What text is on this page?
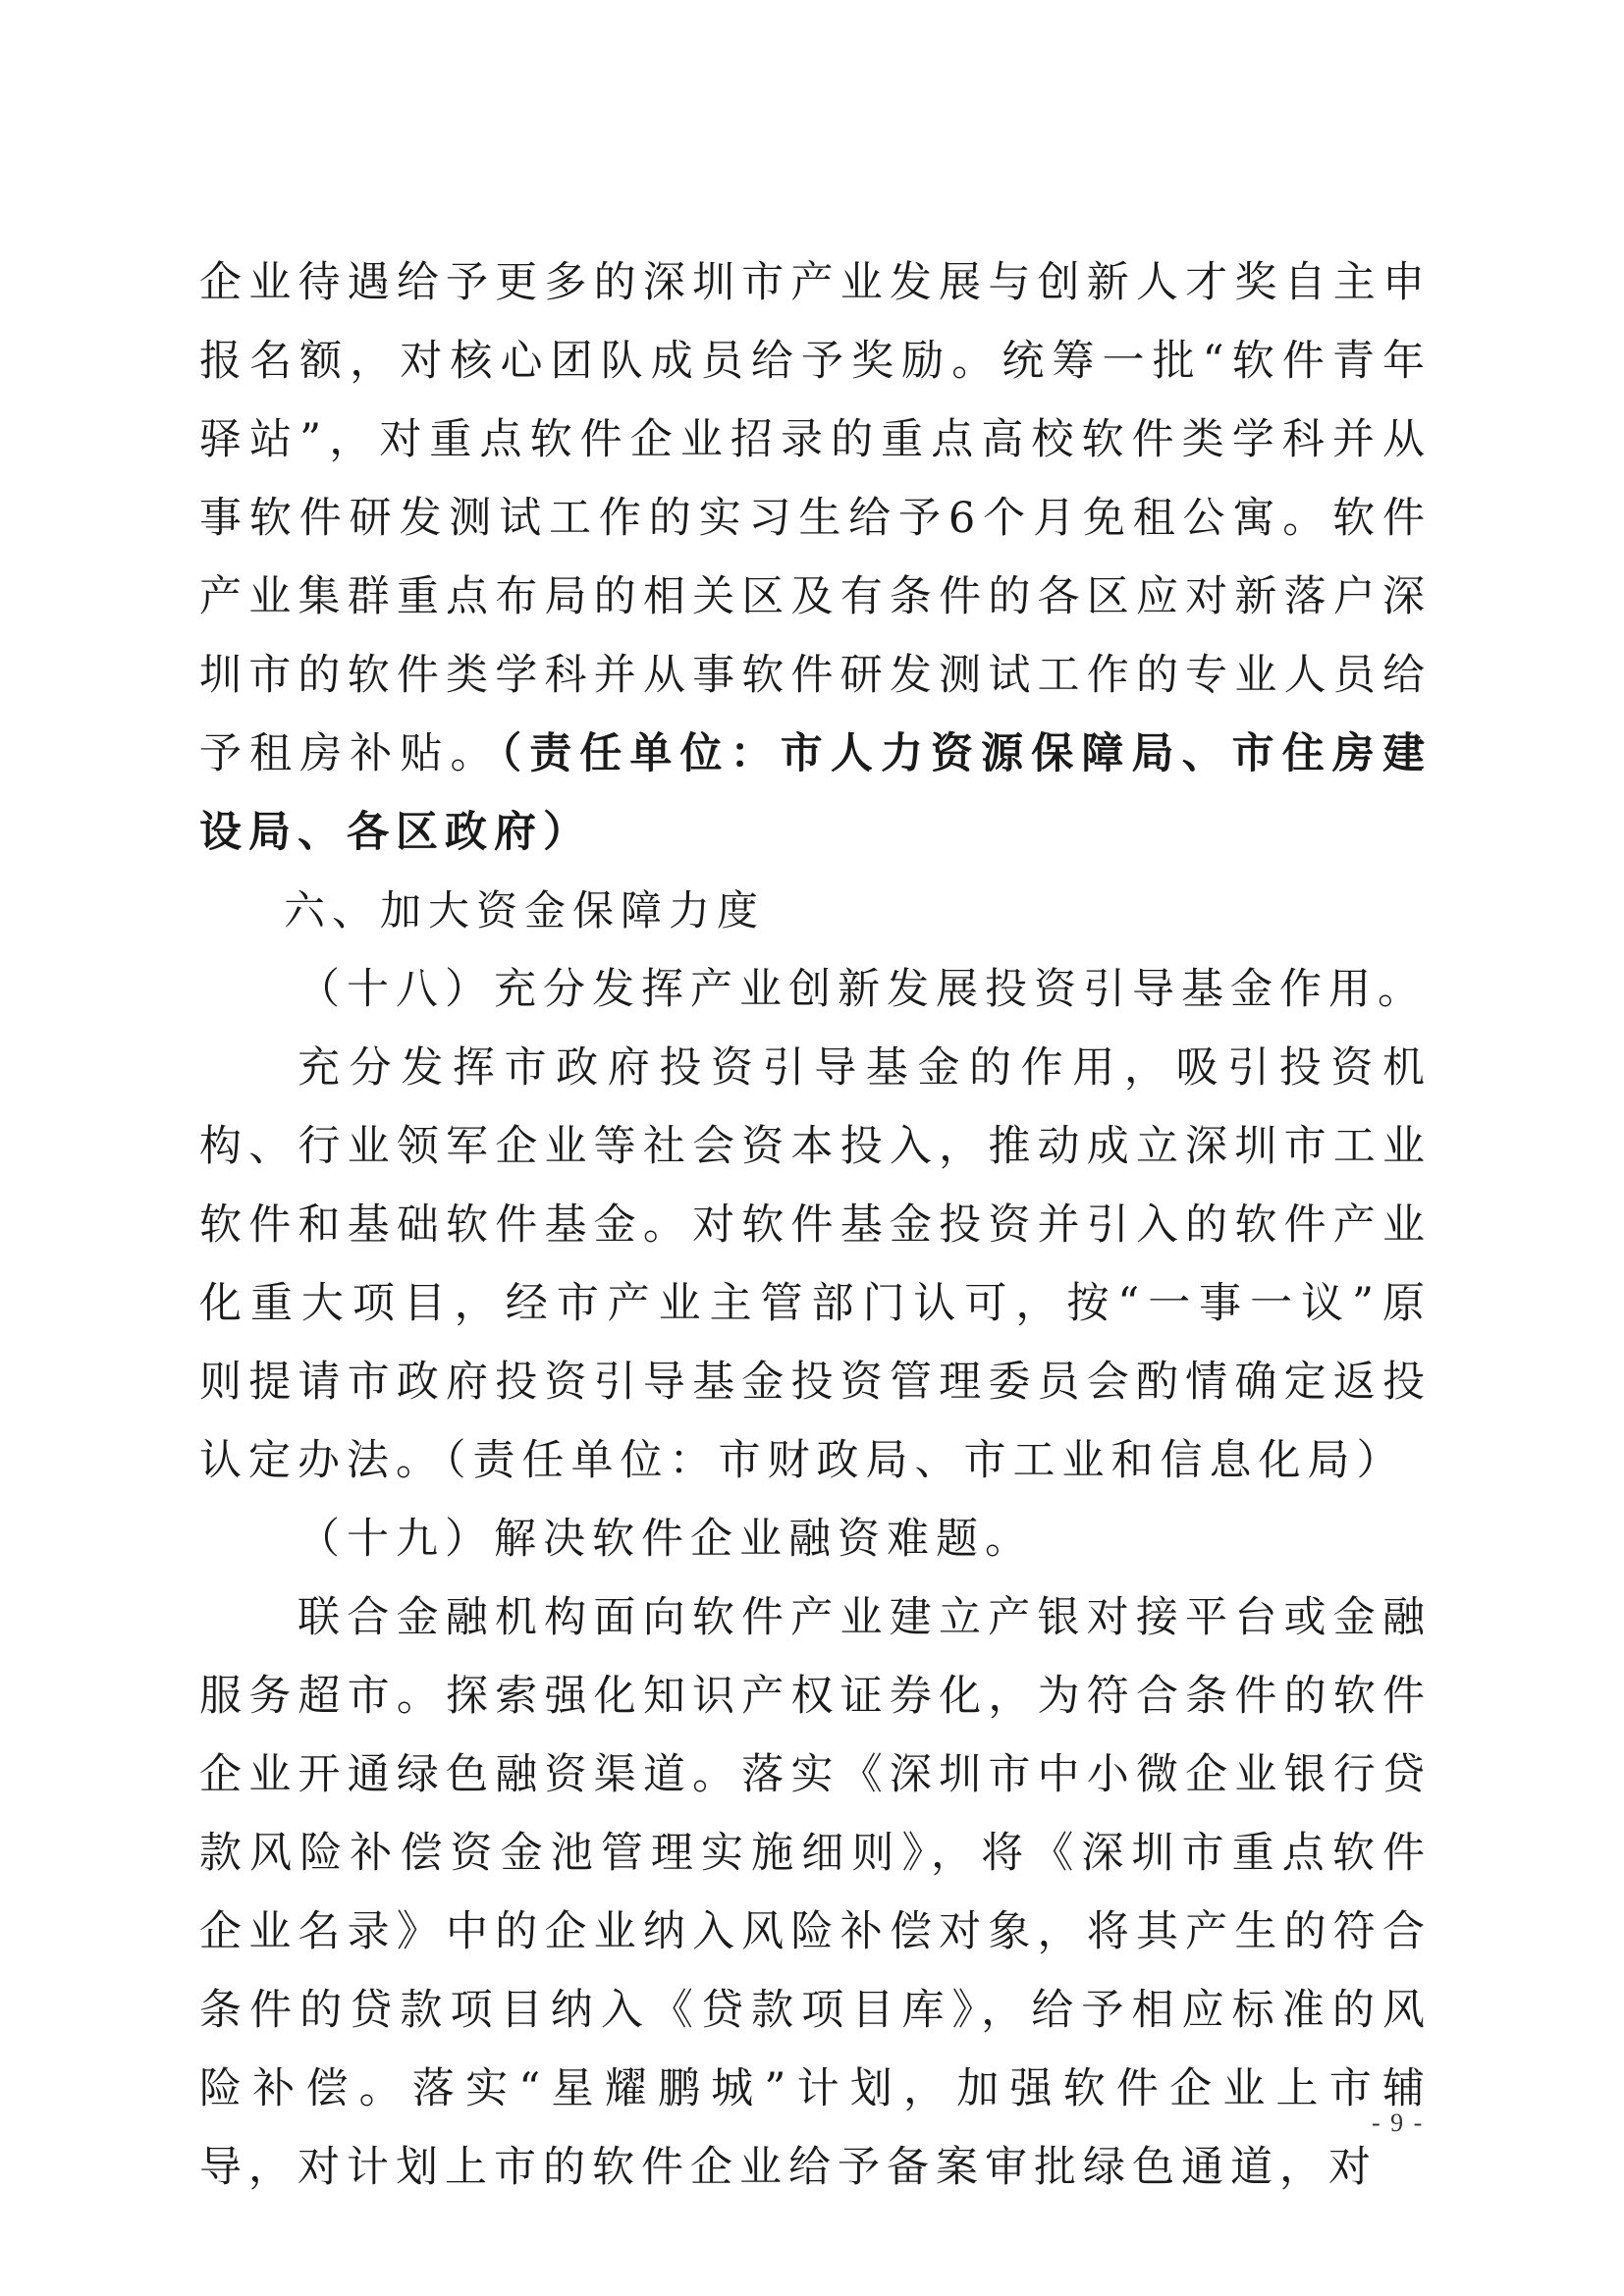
企业待遇给予更多的深圳市产业发展与创新人才奖自主申报名额，对核心团队成员给予奖励。统筹一批“软件青年驿站”，对重点软件企业招录的重点高校软件类学科并从事软件研发测试工作的实习生给予6个月免租公寓。软件产业集群重点布局的相关区及有条件的各区应对新落户深圳市的软件类学科并从事软件研发测试工作的专业人员给予租房补贴。（责任单位：市人力资源保障局、市住房建设局、各区政府）

六、加大资金保障力度

（十八）充分发挥产业创新发展投资引导基金作用。

充分发挥市政府投资引导基金的作用，吸引投资机构、行业领军企业等社会资本投入，推动成立深圳市工业软件和基础软件基金。对软件基金投资并引入的软件产业化重大项目，经市产业主管部门认可，按“一事一议”原则提请市政府投资引导基金投资管理委员会酌情确定返投认定办法。（责任单位：市财政局、市工业和信息化局）

（十九）解决软件企业融资难题。

联合金融机构面向软件产业建立产银对接平台或金融服务超市。探索强化知识产权证券化，为符合条件的软件企业开通绿色融资渠道。落实《深圳市中小微企业银行贷款风险补偿资金池管理实施细则》，将《深圳市重点软件企业名录》中的企业纳入风险补偿对象，将其产生的符合条件的贷款项目纳入《贷款项目库》，给予相应标准的风险补偿。落实“星耀鹏城”计划，加强软件企业上市辅导，对计划上市的软件企业给予备案审批绿色通道，对

- 9 -
